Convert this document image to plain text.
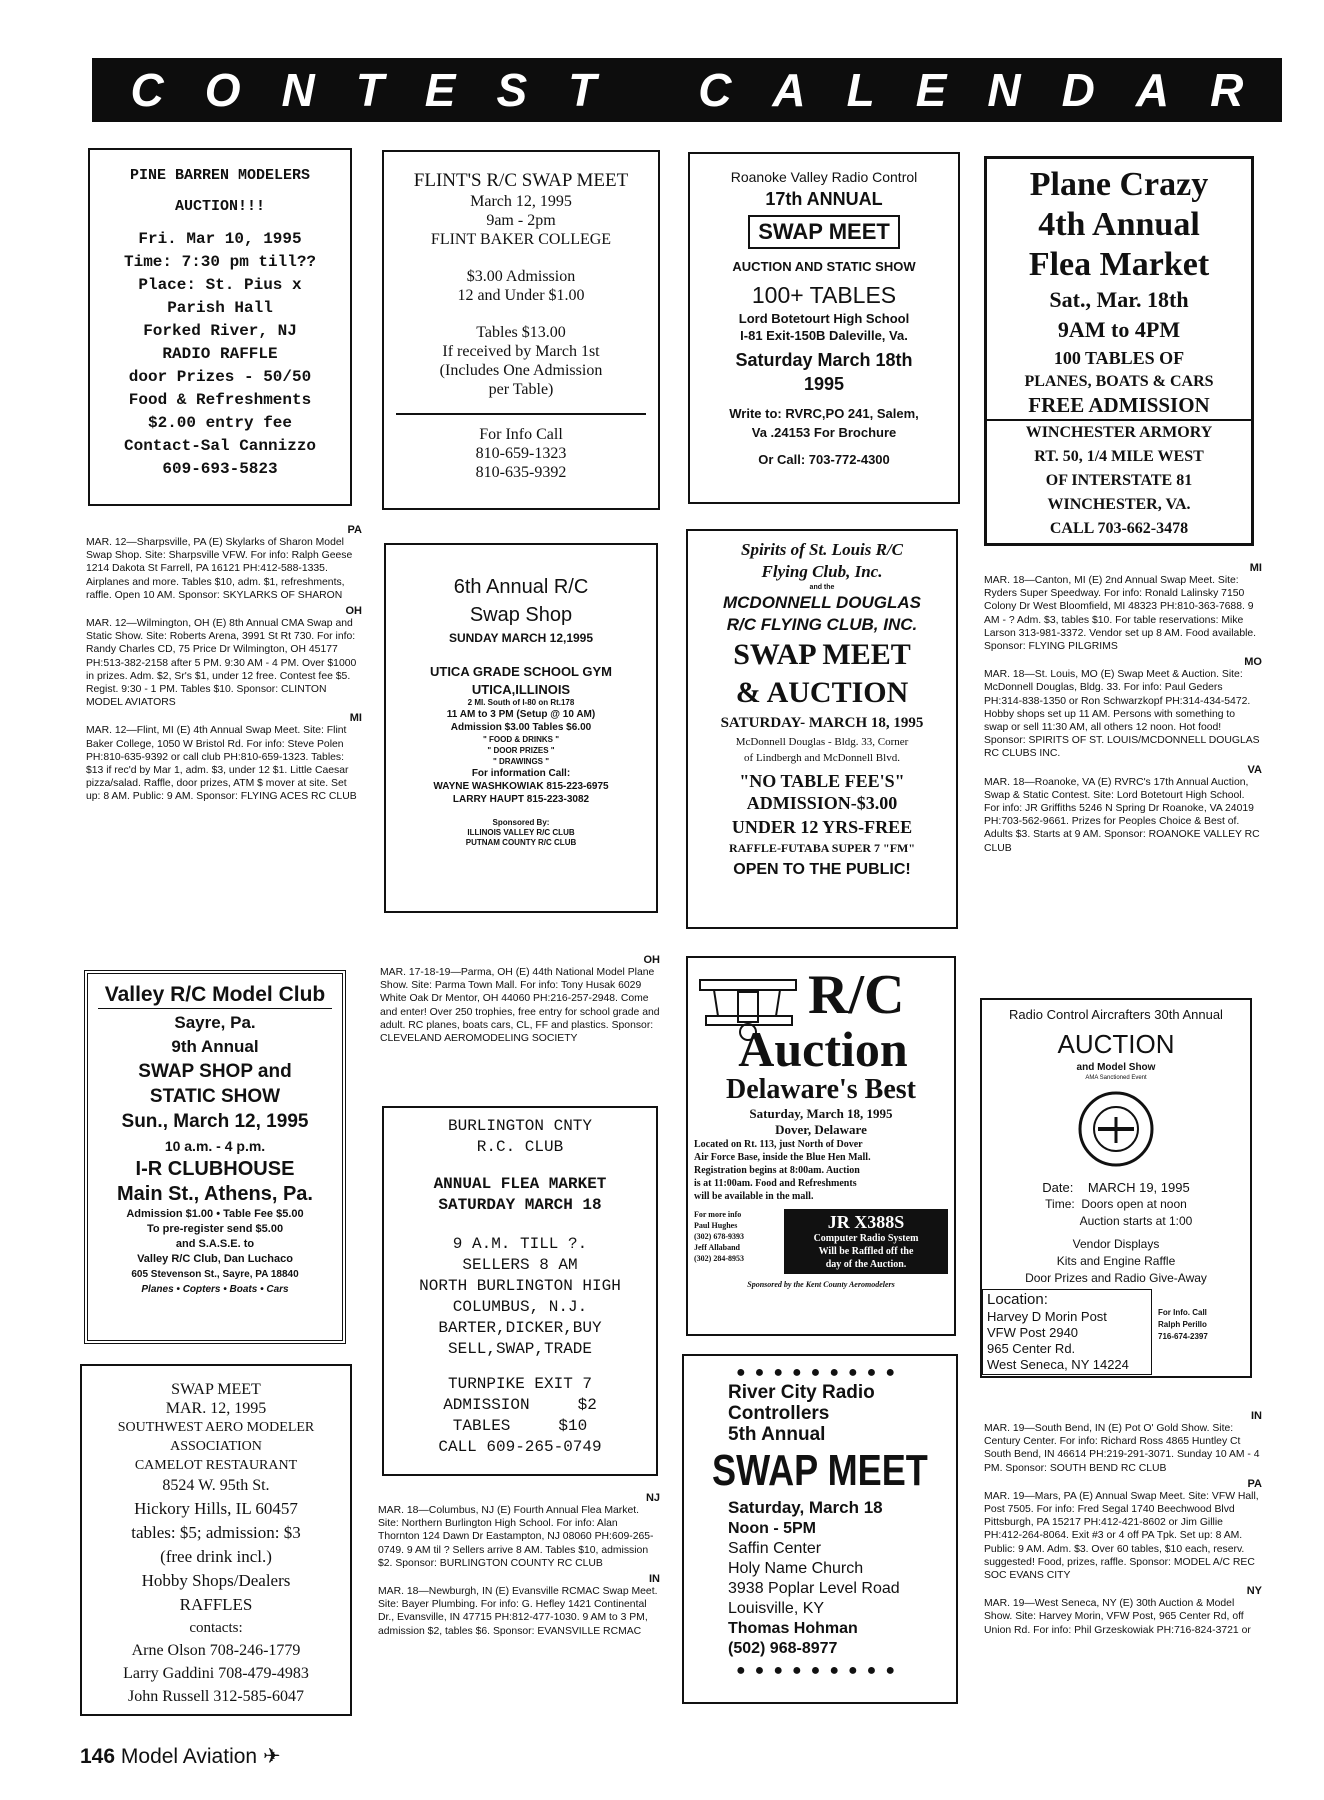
C O N T E S T C A L E N D A R
PINE BARREN MODELERS
AUCTION!!!
Fri. Mar 10, 1995
Time: 7:30 pm till??
Place: St. Pius x
Parish Hall
Forked River, NJ
RADIO RAFFLE
door Prizes - 50/50
Food & Refreshments
$2.00 entry fee
Contact-Sal Cannizzo
609-693-5823
FLINT'S R/C SWAP MEET
March 12, 1995
9am - 2pm
FLINT BAKER COLLEGE
$3.00 Admission
12 and Under $1.00
Tables $13.00
If received by March 1st
(Includes One Admission
per Table)
For Info Call
810-659-1323
810-635-9392
Roanoke Valley Radio Control
17th ANNUAL
SWAP MEET
AUCTION AND STATIC SHOW
100+ TABLES
Lord Botetourt High School
I-81 Exit-150B Daleville, Va.
Saturday March 18th
1995
Write to: RVRC,PO 241, Salem,
Va .24153 For Brochure
Or Call: 703-772-4300
Plane Crazy
4th Annual
Flea Market
Sat., Mar. 18th
9AM to 4PM
100 TABLES OF
PLANES, BOATS & CARS
FREE ADMISSION
WINCHESTER ARMORY
RT. 50, 1/4 MILE WEST
OF INTERSTATE 81
WINCHESTER, VA.
CALL 703-662-3478
6th Annual R/C
Swap Shop
SUNDAY MARCH 12,1995
UTICA GRADE SCHOOL GYM
UTICA,ILLINOIS
2 MI. South of I-80 on Rt.178
11 AM to 3 PM (Setup @ 10 AM)
Admission $3.00 Tables $6.00
" FOOD & DRINKS "
" DOOR PRIZES "
" DRAWINGS "
For information Call:
WAYNE WASHKOWIAK 815-223-6975
LARRY HAUPT 815-223-3082
Sponsored By:
ILLINOIS VALLEY R/C CLUB
PUTNAM COUNTY R/C CLUB
Spirits of St. Louis R/C
Flying Club, Inc.
and the
MCDONNELL DOUGLAS
R/C FLYING CLUB, INC.
SWAP MEET
& AUCTION
SATURDAY- MARCH 18, 1995
McDonnell Douglas - Bldg. 33, Corner
of Lindbergh and McDonnell Blvd.
"NO TABLE FEE'S"
ADMISSION-$3.00
UNDER 12 YRS-FREE
RAFFLE-FUTABA SUPER 7 "FM"
OPEN TO THE PUBLIC!
Valley R/C Model Club
Sayre, Pa.
9th Annual
SWAP SHOP and
STATIC SHOW
Sun., March 12, 1995
10 a.m. - 4 p.m.
I-R CLUBHOUSE
Main St., Athens, Pa.
Admission $1.00 • Table Fee $5.00
To pre-register send $5.00
and S.A.S.E. to
Valley R/C Club, Dan Luchaco
605 Stevenson St., Sayre, PA 18840
Planes • Copters • Boats • Cars
BURLINGTON CNTY
R.C. CLUB
ANNUAL FLEA MARKET
SATURDAY MARCH 18
9 A.M. TILL ?.
SELLERS 8 AM
NORTH BURLINGTON HIGH
COLUMBUS, N.J.
BARTER,DICKER,BUY
SELL,SWAP,TRADE
TURNPIKE EXIT 7
ADMISSION     $2
TABLES     $10
CALL 609-265-0749
R/C
Auction
Delaware's Best
Saturday, March 18, 1995
Dover, Delaware
Located on Rt. 113, just North of Dover
Air Force Base, inside the Blue Hen Mall.
Registration begins at 8:00am. Auction
is at 11:00am. Food and Refreshments
will be available in the mall.
For more info
Paul Hughes
(302) 678-9393
Jeff Allaband
(302) 284-8953
JR X388S
Computer Radio System
Will be Raffled off the
day of the Auction.
Sponsored by the Kent County Aeromodelers
Radio Control Aircrafters 30th Annual
AUCTION
and Model Show
AMA Sanctioned Event
Date:    MARCH 19, 1995
Time:  Doors open at noon
Auction starts at 1:00
Vendor Displays
Kits and Engine Raffle
Door Prizes and Radio Give-Away
Location:
Harvey D Morin Post
VFW Post 2940
965 Center Rd.
West Seneca, NY 14224
For Info. Call
Ralph Perillo
716-674-2397
SWAP MEET
MAR. 12, 1995
SOUTHWEST AERO MODELER
ASSOCIATION
CAMELOT RESTAURANT
8524 W. 95th St.
Hickory Hills, IL 60457
tables: $5; admission: $3
(free drink incl.)
Hobby Shops/Dealers
RAFFLES
contacts:
Arne Olson 708-246-1779
Larry Gaddini 708-479-4983
John Russell 312-585-6047
●●●●●●●●●
River City Radio
Controllers
5th Annual
SWAP MEET
Saturday, March 18
Noon - 5PM
Saffin Center
Holy Name Church
3938 Poplar Level Road
Louisville, KY
Thomas Hohman
(502) 968-8977
●●●●●●●●●
PA

MAR. 12—Sharpsville, PA (E) Skylarks of Sharon Model Swap Shop. Site: Sharpsville VFW. For info: Ralph Geese 1214 Dakota St Farrell, PA 16121 PH:412-588-1335. Airplanes and more. Tables $10, adm. $1, refreshments, raffle. Open 10 AM. Sponsor: SKYLARKS OF SHARON

OH

MAR. 12—Wilmington, OH (E) 8th Annual CMA Swap and Static Show. Site: Roberts Arena, 3991 St Rt 730. For info: Randy Charles CD, 75 Price Dr Wilmington, OH 45177 PH:513-382-2158 after 5 PM. 9:30 AM - 4 PM. Over $1000 in prizes. Adm. $2, Sr's $1, under 12 free. Contest fee $5. Regist. 9:30 - 1 PM. Tables $10. Sponsor: CLINTON MODEL AVIATORS

MI

MAR. 12—Flint, MI (E) 4th Annual Swap Meet. Site: Flint Baker College, 1050 W Bristol Rd. For info: Steve Polen PH:810-635-9392 or call club PH:810-659-1323. Tables: $13 if rec'd by Mar 1, adm. $3, under 12 $1. Little Caesar pizza/salad. Raffle, door prizes, ATM $ mover at site. Set up: 8 AM. Public: 9 AM. Sponsor: FLYING ACES RC CLUB

OH

MAR. 17-18-19—Parma, OH (E) 44th National Model Plane Show. Site: Parma Town Mall. For info: Tony Husak 6029 White Oak Dr Mentor, OH 44060 PH:216-257-2948. Come and enter! Over 250 trophies, free entry for school grade and adult. RC planes, boats cars, CL, FF and plastics. Sponsor: CLEVELAND AEROMODELING SOCIETY

NJ

MAR. 18—Columbus, NJ (E) Fourth Annual Flea Market. Site: Northern Burlington High School. For info: Alan Thornton 124 Dawn Dr Eastampton, NJ 08060 PH:609-265-0749. 9 AM til ? Sellers arrive 8 AM. Tables $10, admission $2. Sponsor: BURLINGTON COUNTY RC CLUB

IN

MAR. 18—Newburgh, IN (E) Evansville RCMAC Swap Meet. Site: Bayer Plumbing. For info: G. Hefley 1421 Continental Dr., Evansville, IN 47715 PH:812-477-1030. 9 AM to 3 PM, admission $2, tables $6. Sponsor: EVANSVILLE RCMAC

MI

MAR. 18—Canton, MI (E) 2nd Annual Swap Meet. Site: Ryders Super Speedway. For info: Ronald Lalinsky 7150 Colony Dr West Bloomfield, MI 48323 PH:810-363-7688. 9 AM - ? Adm. $3, tables $10. For table reservations: Mike Larson 313-981-3372. Vendor set up 8 AM. Food available. Sponsor: FLYING PILGRIMS

MO

MAR. 18—St. Louis, MO (E) Swap Meet & Auction. Site: McDonnell Douglas, Bldg. 33. For info: Paul Geders PH:314-838-1350 or Ron Schwarzkopf PH:314-434-5472. Hobby shops set up 11 AM. Persons with something to swap or sell 11:30 AM, all others 12 noon. Hot food! Sponsor: SPIRITS OF ST. LOUIS/MCDONNELL DOUGLAS RC CLUBS INC.

VA

MAR. 18—Roanoke, VA (E) RVRC's 17th Annual Auction, Swap & Static Contest. Site: Lord Botetourt High School. For info: JR Griffiths 5246 N Spring Dr Roanoke, VA 24019 PH:703-562-9661. Prizes for Peoples Choice & Best of. Adults $3. Starts at 9 AM. Sponsor: ROANOKE VALLEY RC CLUB

IN

MAR. 19—South Bend, IN (E) Pot O' Gold Show. Site: Century Center. For info: Richard Ross 4865 Huntley Ct South Bend, IN 46614 PH:219-291-3071. Sunday 10 AM - 4 PM. Sponsor: SOUTH BEND RC CLUB

PA

MAR. 19—Mars, PA (E) Annual Swap Meet. Site: VFW Hall, Post 7505. For info: Fred Segal 1740 Beechwood Blvd Pittsburgh, PA 15217 PH:412-421-8602 or Jim Gillie PH:412-264-8064. Exit #3 or 4 off PA Tpk. Set up: 8 AM. Public: 9 AM. Adm. $3. Over 60 tables, $10 each, reserv. suggested! Food, prizes, raffle. Sponsor: MODEL A/C REC SOC EVANS CITY

NY

MAR. 19—West Seneca, NY (E) 30th Auction & Model Show. Site: Harvey Morin, VFW Post, 965 Center Rd, off Union Rd. For info: Phil Grzeskowiak PH:716-824-3721 or

146 Model Aviation ✈
